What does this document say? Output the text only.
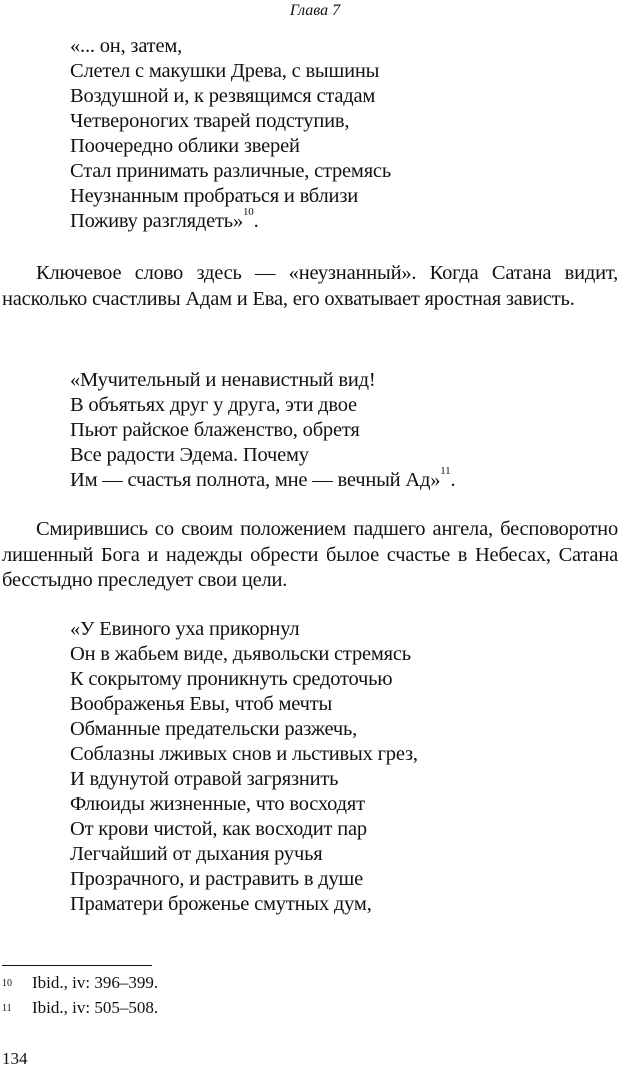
Глава 7
«... он, затем,
Слетел с макушки Древа, с вышины
Воздушной и, к резвящимся стадам
Четвероногих тварей подступив,
Поочередно облики зверей
Стал принимать различные, стремясь
Неузнанным пробраться и вблизи
Поживу разглядеть»$^{10}$.
Ключевое слово здесь — «неузнанный». Когда Сатана видит, насколько счастливы Адам и Ева, его охватывает яростная зависть.
«Мучительный и ненавистный вид!
В объятьях друг у друга, эти двое
Пьют райское блаженство, обретя
Все радости Эдема. Почему
Им — счастья полнота, мне — вечный Ад»$^{11}$.
Смирившись со своим положением падшего ангела, бесповоротно лишенный Бога и надежды обрести былое счастье в Небесах, Сатана бесстыдно преследует свои цели.
«У Евиного уха прикорнул
Он в жабьем виде, дьявольски стремясь
К сокрытому проникнуть средоточью
Воображенья Евы, чтоб мечты
Обманные предательски разжечь,
Соблазны лживых снов и льстивых грез,
И вдунутой отравой загрязнить
Флюиды жизненные, что восходят
От крови чистой, как восходит пар
Легчайший от дыхания ручья
Прозрачного, и растравить в душе
Праматери броженье смутных дум,
10 Ibid., iv: 396–399.
11 Ibid., iv: 505–508.
134
